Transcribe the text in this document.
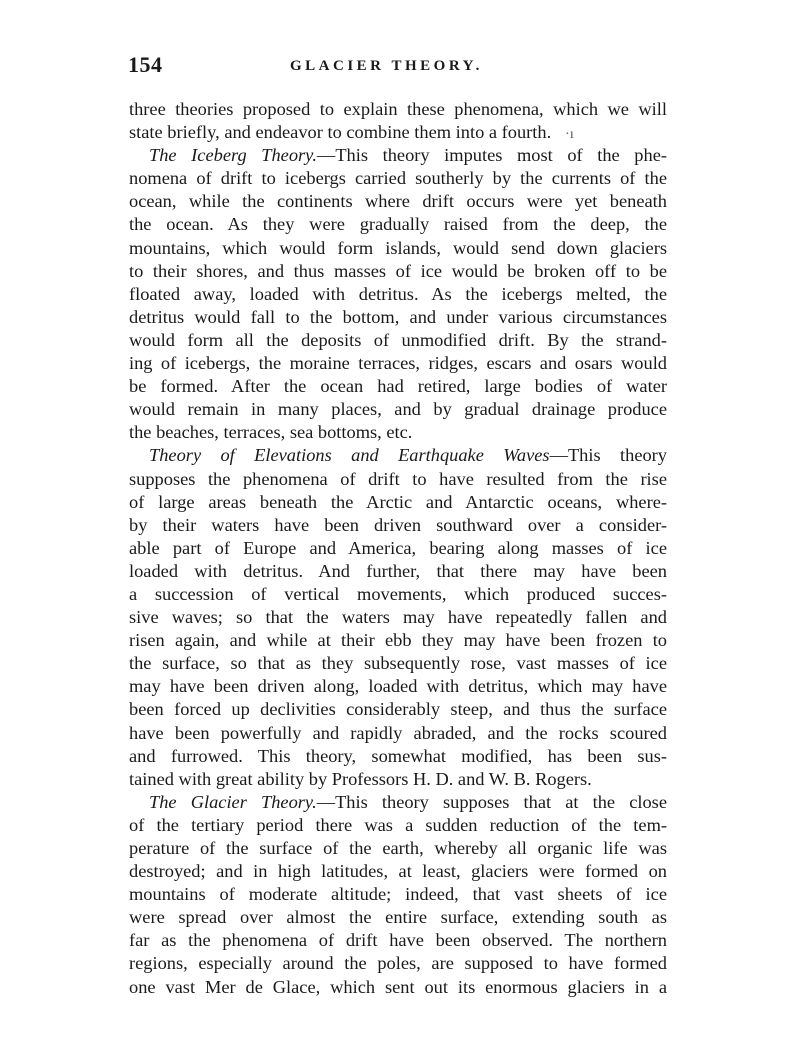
154	GLACIER THEORY.
three theories proposed to explain these phenomena, which we will
state briefly, and endeavor to combine them into a fourth. ·ı
The Iceberg Theory.—This theory imputes most of the phe-
nomena of drift to icebergs carried southerly by the currents of the
ocean, while the continents where drift occurs were yet beneath
the ocean. As they were gradually raised from the deep, the
mountains, which would form islands, would send down glaciers
to their shores, and thus masses of ice would be broken off to be
floated away, loaded with detritus. As the icebergs melted, the
detritus would fall to the bottom, and under various circumstances
would form all the deposits of unmodified drift. By the strand-
ing of icebergs, the moraine terraces, ridges, escars and osars would
be formed. After the ocean had retired, large bodies of water
would remain in many places, and by gradual drainage produce
the beaches, terraces, sea bottoms, etc.
Theory of Elevations and Earthquake Waves—This theory
supposes the phenomena of drift to have resulted from the rise
of large areas beneath the Arctic and Antarctic oceans, where-
by their waters have been driven southward over a consider-
able part of Europe and America, bearing along masses of ice
loaded with detritus. And further, that there may have been
a succession of vertical movements, which produced succes-
sive waves; so that the waters may have repeatedly fallen and
risen again, and while at their ebb they may have been frozen to
the surface, so that as they subsequently rose, vast masses of ice
may have been driven along, loaded with detritus, which may have
been forced up declivities considerably steep, and thus the surface
have been powerfully and rapidly abraded, and the rocks scoured
and furrowed. This theory, somewhat modified, has been sus-
tained with great ability by Professors H. D. and W. B. Rogers.
The Glacier Theory.—This theory supposes that at the close
of the tertiary period there was a sudden reduction of the tem-
perature of the surface of the earth, whereby all organic life was
destroyed; and in high latitudes, at least, glaciers were formed on
mountains of moderate altitude; indeed, that vast sheets of ice
were spread over almost the entire surface, extending south as
far as the phenomena of drift have been observed. The northern
regions, especially around the poles, are supposed to have formed
one vast Mer de Glace, which sent out its enormous glaciers in a
